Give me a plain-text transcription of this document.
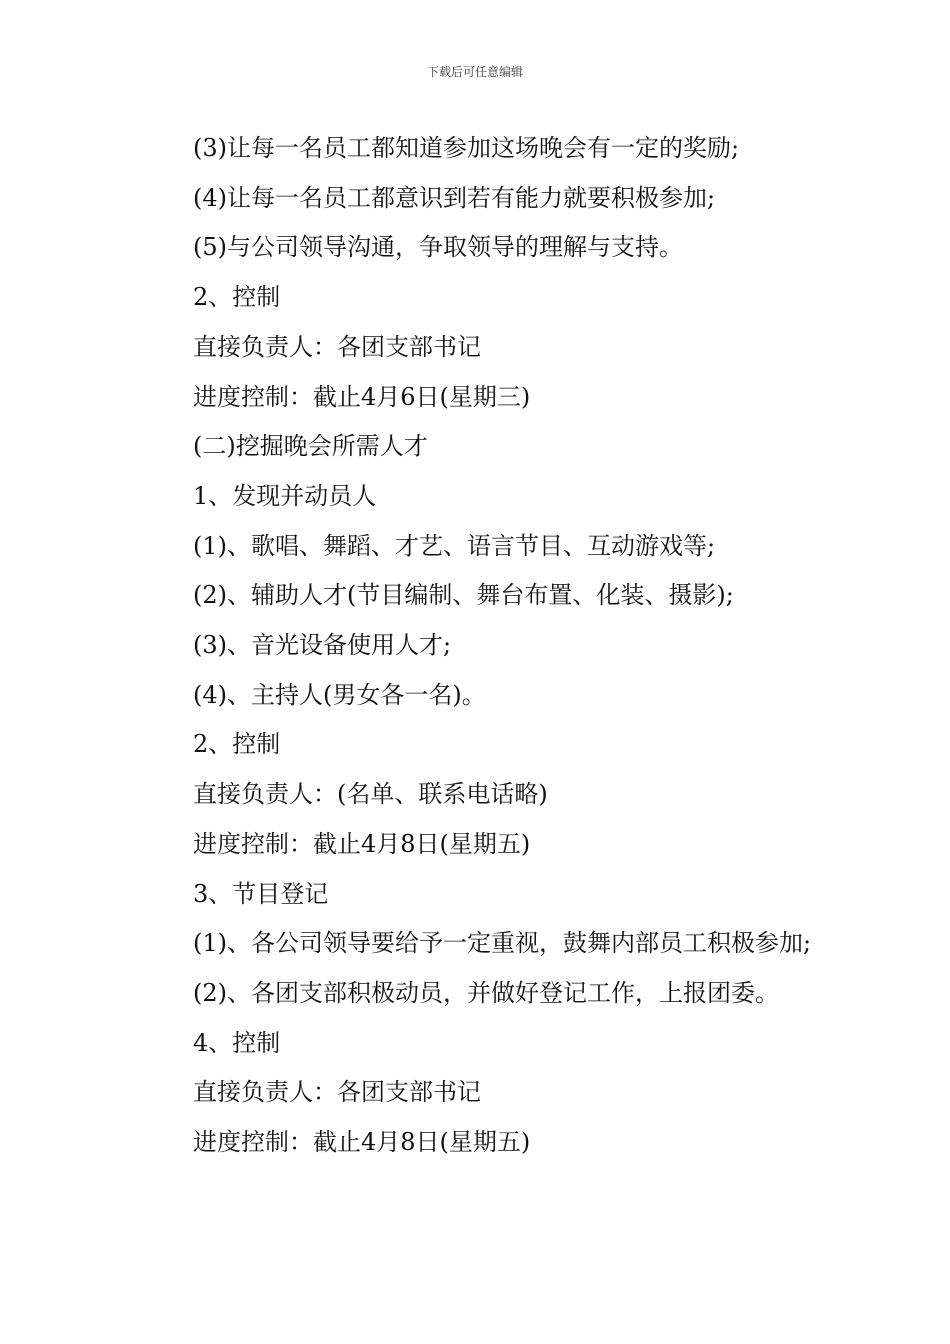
下载后可任意编辑

(3)让每一名员工都知道参加这场晚会有一定的奖励;

(4)让每一名员工都意识到若有能力就要积极参加;

(5)与公司领导沟通，争取领导的理解与支持。

2、控制

直接负责人：各团支部书记

进度控制：截止4月6日(星期三)

(二)挖掘晚会所需人才

1、发现并动员人

(1)、歌唱、舞蹈、才艺、语言节目、互动游戏等;

(2)、辅助人才(节目编制、舞台布置、化装、摄影);

(3)、音光设备使用人才;

(4)、主持人(男女各一名)。

2、控制

直接负责人：(名单、联系电话略)

进度控制：截止4月8日(星期五)

3、节目登记

(1)、各公司领导要给予一定重视，鼓舞内部员工积极参加;

(2)、各团支部积极动员，并做好登记工作，上报团委。

4、控制

直接负责人：各团支部书记

进度控制：截止4月8日(星期五)
